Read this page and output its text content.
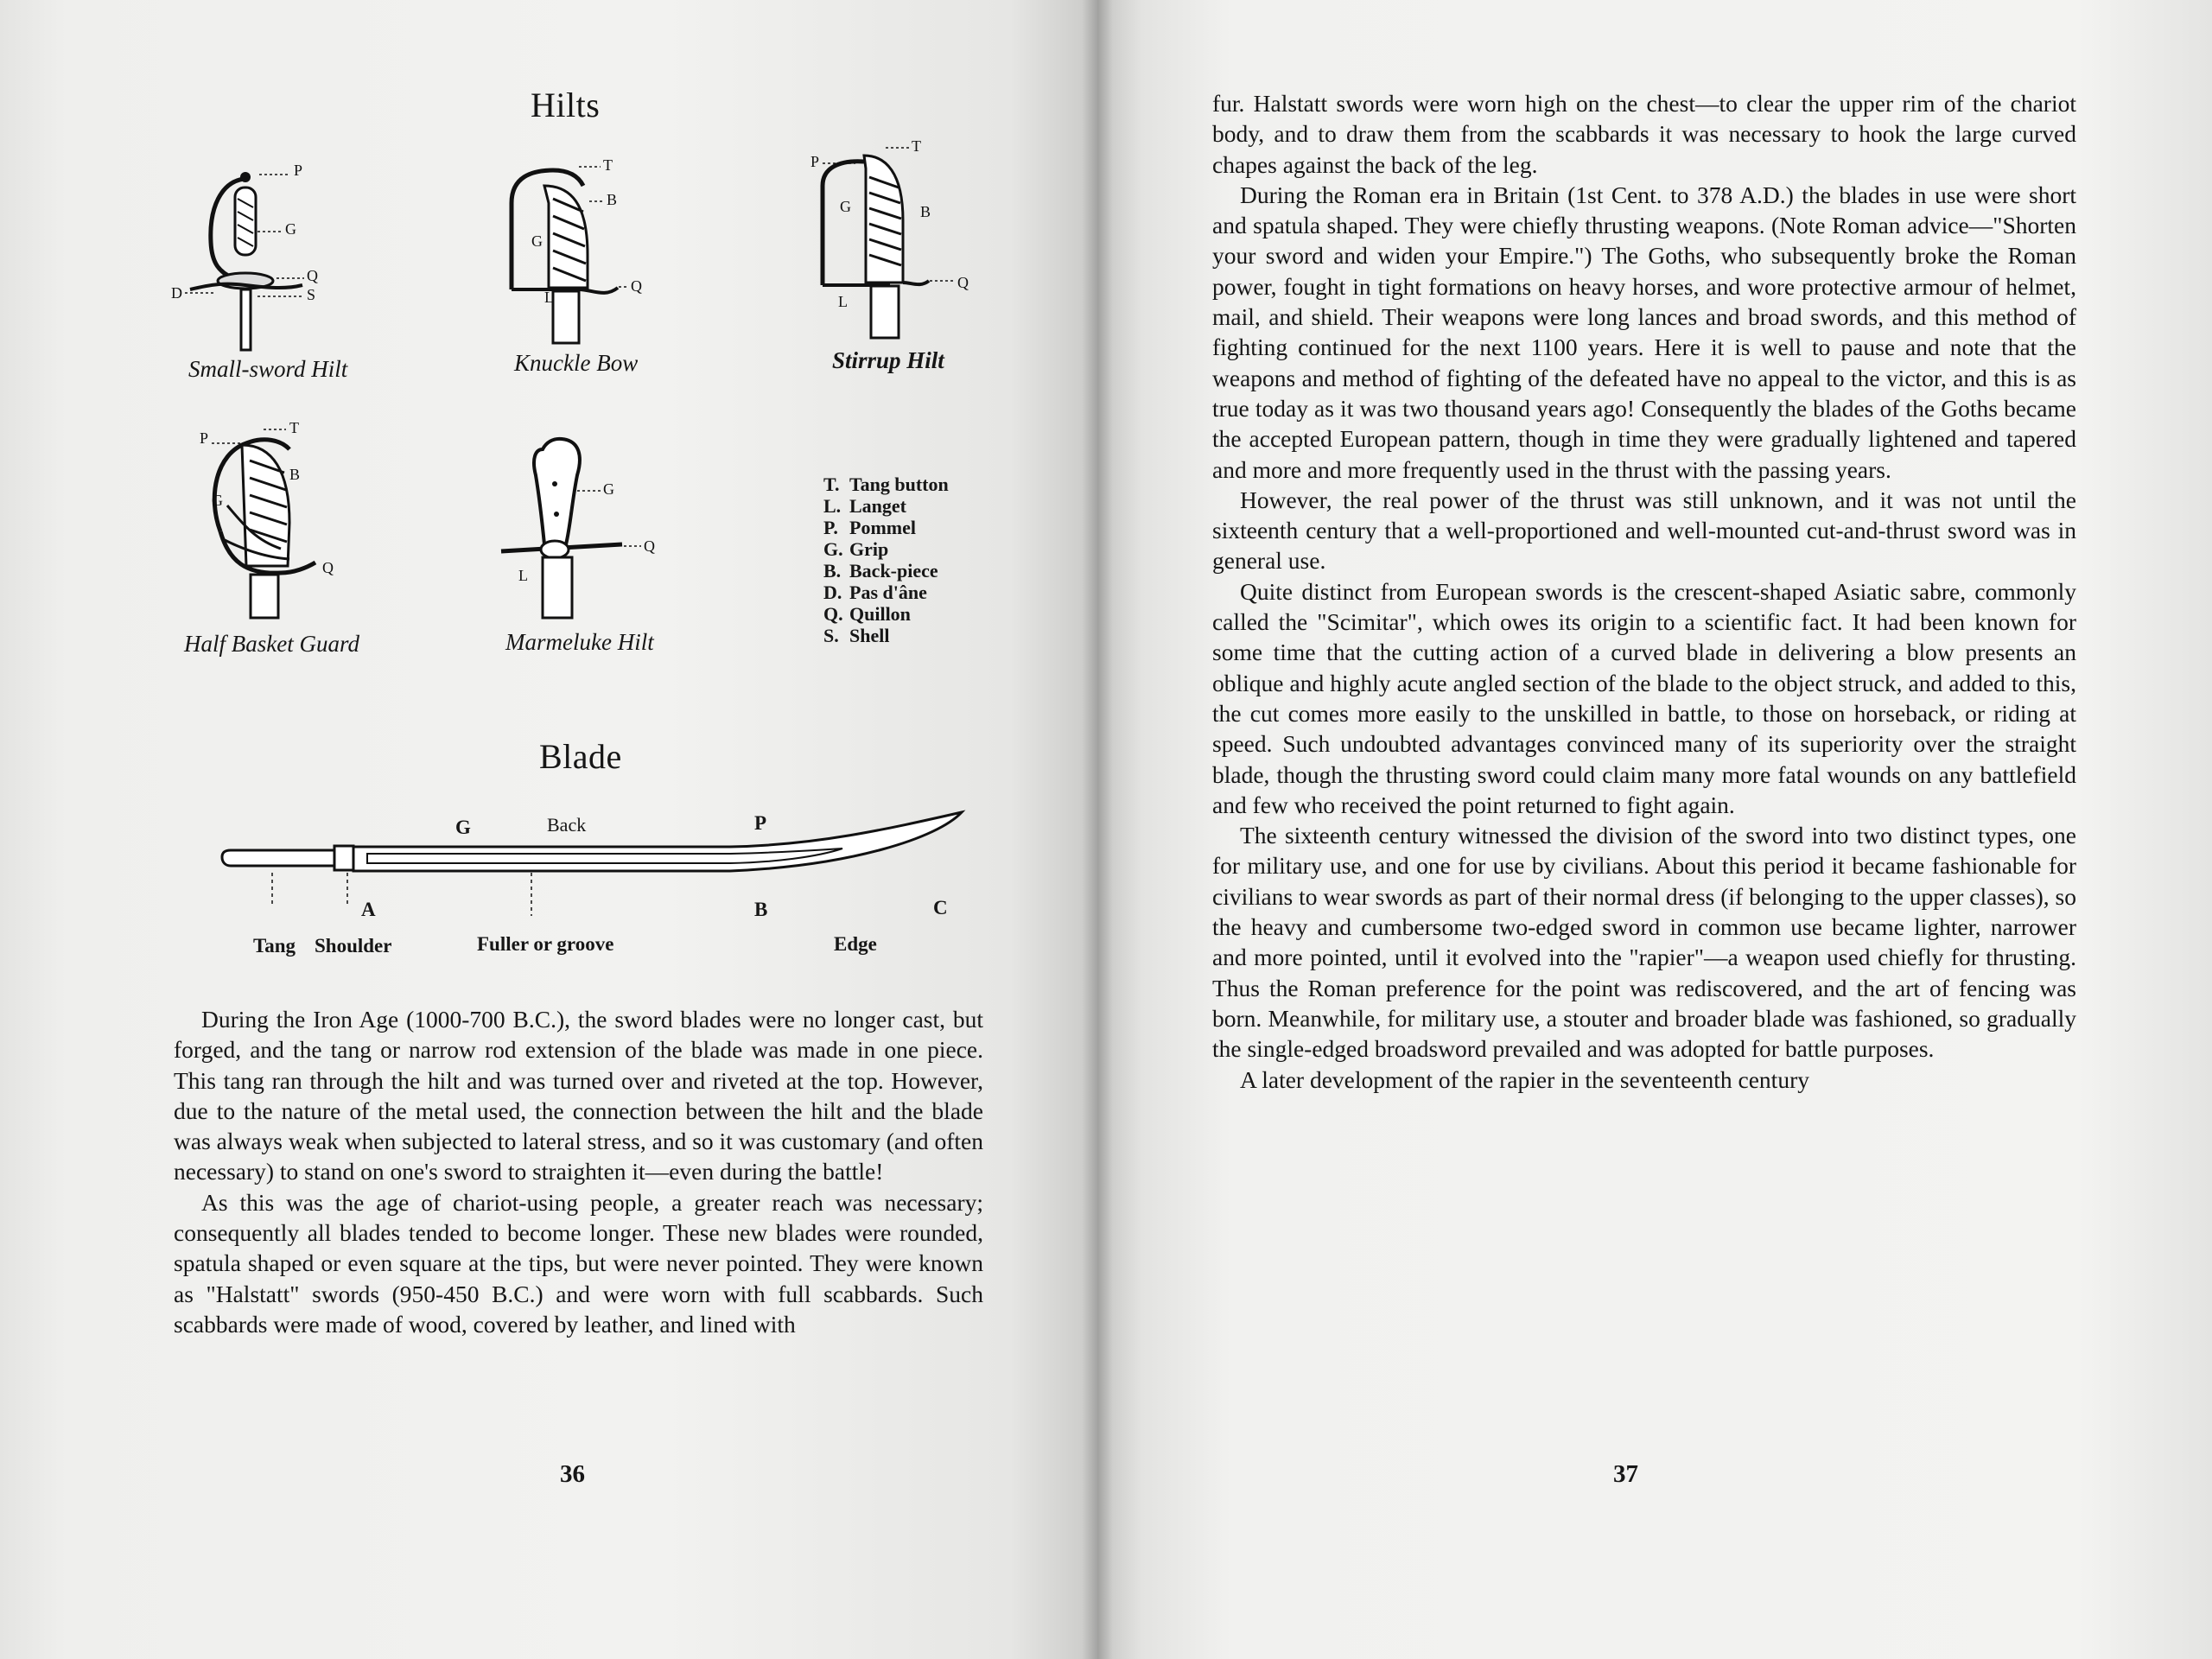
Hilts
P
G
Q
S
D
Small-sword Hilt
G
T
B
L
Q
Knuckle Bow
P
T
G	B
L
Q
Stirrup Hilt
P
T
B
G
Q
Half Basket Guard
G
Q
L
Marmeluke Hilt
T. Tang button
L. Langet
P. Pommel
G. Grip
B. Back-piece
D. Pas d'âne
Q. Quillon
S. Shell
Blade
G	Back	P
A	B	C
Tang Shoulder	Fuller or groove	Edge

During the Iron Age (1000-700 B.C.), the sword blades were no longer cast, but forged, and the tang or narrow rod extension of the blade was made in one piece. This tang ran through the hilt and was turned over and riveted at the top. However, due to the nature of the metal used, the connection between the hilt and the blade was always weak when subjected to lateral stress, and so it was customary (and often necessary) to stand on one's sword to straighten it—even during the battle!

As this was the age of chariot-using people, a greater reach was necessary; consequently all blades tended to become longer. These new blades were rounded, spatula shaped or even square at the tips, but were never pointed. They were known as "Halstatt" swords (950-450 B.C.) and were worn with full scabbards. Such scabbards were made of wood, covered by leather, and lined with

36

fur. Halstatt swords were worn high on the chest—to clear the upper rim of the chariot body, and to draw them from the scabbards it was necessary to hook the large curved chapes against the back of the leg.

During the Roman era in Britain (1st Cent. to 378 A.D.) the blades in use were short and spatula shaped. They were chiefly thrusting weapons. (Note Roman advice—"Shorten your sword and widen your Empire.") The Goths, who subsequently broke the Roman power, fought in tight formations on heavy horses, and wore protective armour of helmet, mail, and shield. Their weapons were long lances and broad swords, and this method of fighting continued for the next 1100 years. Here it is well to pause and note that the weapons and method of fighting of the defeated have no appeal to the victor, and this is as true today as it was two thousand years ago! Consequently the blades of the Goths became the accepted European pattern, though in time they were gradually lightened and tapered and more and more frequently used in the thrust with the passing years.

However, the real power of the thrust was still unknown, and it was not until the sixteenth century that a well-proportioned and well-mounted cut-and-thrust sword was in general use.

Quite distinct from European swords is the crescent-shaped Asiatic sabre, commonly called the "Scimitar", which owes its origin to a scientific fact. It had been known for some time that the cutting action of a curved blade in delivering a blow presents an oblique and highly acute angled section of the blade to the object struck, and added to this, the cut comes more easily to the unskilled in battle, to those on horseback, or riding at speed. Such undoubted advantages convinced many of its superiority over the straight blade, though the thrusting sword could claim many more fatal wounds on any battlefield and few who received the point returned to fight again.

The sixteenth century witnessed the division of the sword into two distinct types, one for military use, and one for use by civilians. About this period it became fashionable for civilians to wear swords as part of their normal dress (if belonging to the upper classes), so the heavy and cumbersome two-edged sword in common use became lighter, narrower and more pointed, until it evolved into the "rapier"—a weapon used chiefly for thrusting. Thus the Roman preference for the point was rediscovered, and the art of fencing was born. Meanwhile, for military use, a stouter and broader blade was fashioned, so gradually the single-edged broadsword prevailed and was adopted for battle purposes.

A later development of the rapier in the seventeenth century

37
